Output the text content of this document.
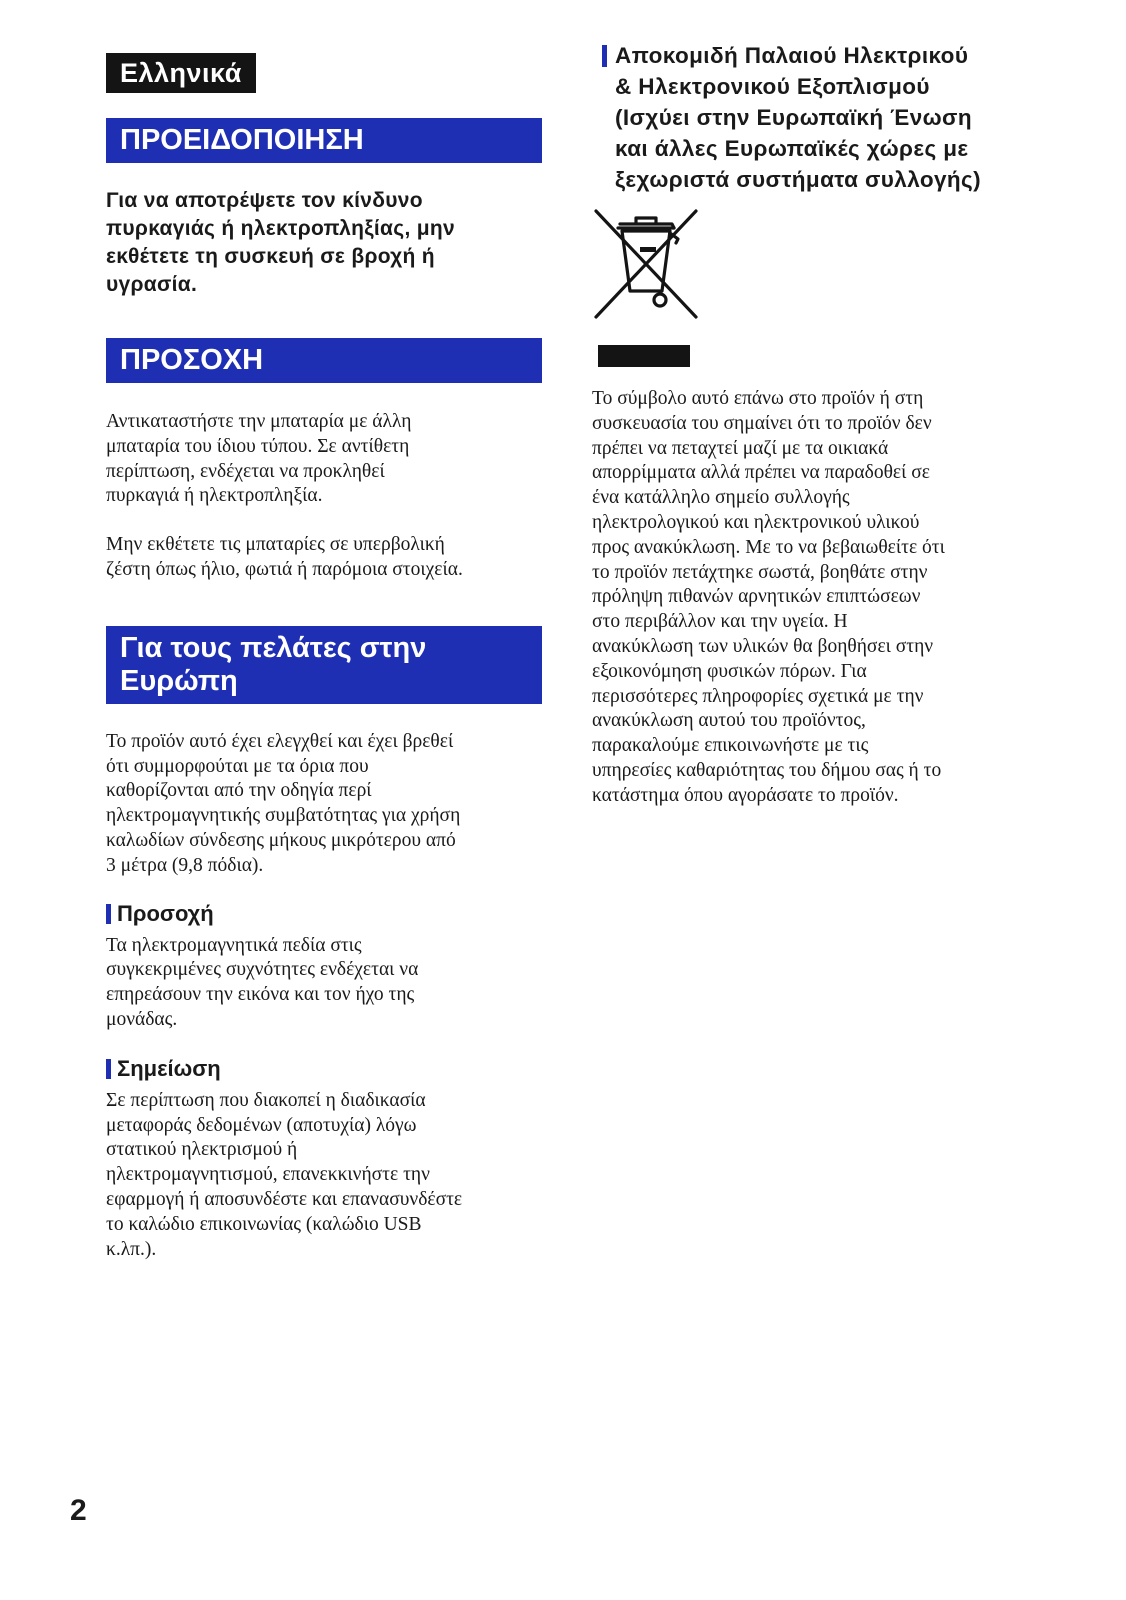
Ελληνικά
ΠΡΟΕΙΔΟΠΟΙΗΣΗ

Για να αποτρέψετε τον κίνδυνο

πυρκαγιάς ή ηλεκτροπληξίας, μην

εκθέτετε τη συσκευή σε βροχή ή

υγρασία.

ΠΡΟΣΟΧΗ

Αντικαταστήστε την μπαταρία με άλλη

μπαταρία του ίδιου τύπου. Σε αντίθετη

περίπτωση, ενδέχεται να προκληθεί

πυρκαγιά ή ηλεκτροπληξία.

Μην εκθέτετε τις μπαταρίες σε υπερβολική

ζέστη όπως ήλιο, φωτιά ή παρόμοια στοιχεία.

Για τους πελάτες στην
Ευρώπη

Το προϊόν αυτό έχει ελεγχθεί και έχει βρεθεί

ότι συμμορφούται με τα όρια που

καθορίζονται από την οδηγία περί

ηλεκτρομαγνητικής συμβατότητας για χρήση

καλωδίων σύνδεσης μήκους μικρότερου από

3 μέτρα (9,8 πόδια).

Προσοχή

Τα ηλεκτρομαγνητικά πεδία στις

συγκεκριμένες συχνότητες ενδέχεται να

επηρεάσουν την εικόνα και τον ήχο της

μονάδας.

Σημείωση

Σε περίπτωση που διακοπεί η διαδικασία

μεταφοράς δεδομένων (αποτυχία) λόγω

στατικού ηλεκτρισμού ή

ηλεκτρομαγνητισμού, επανεκκινήστε την

εφαρμογή ή αποσυνδέστε και επανασυνδέστε

το καλώδιο επικοινωνίας (καλώδιο USB

κ.λπ.).

Αποκομιδή Παλαιού Ηλεκτρικού
& Ηλεκτρονικού Εξοπλισμού
(Ισχύει στην Ευρωπαϊκή Ένωση
και άλλες Ευρωπαϊκές χώρες με
ξεχωριστά συστήματα συλλογής)

Το σύμβολο αυτό επάνω στο προϊόν ή στη

συσκευασία του σημαίνει ότι το προϊόν δεν

πρέπει να πεταχτεί μαζί με τα οικιακά

απορρίμματα αλλά πρέπει να παραδοθεί σε

ένα κατάλληλο σημείο συλλογής

ηλεκτρολογικού και ηλεκτρονικού υλικού

προς ανακύκλωση. Με το να βεβαιωθείτε ότι

το προϊόν πετάχτηκε σωστά, βοηθάτε στην

πρόληψη πιθανών αρνητικών επιπτώσεων

στο περιβάλλον και την υγεία. Η

ανακύκλωση των υλικών θα βοηθήσει στην

εξοικονόμηση φυσικών πόρων. Για

περισσότερες πληροφορίες σχετικά με την

ανακύκλωση αυτού του προϊόντος,

παρακαλούμε επικοινωνήστε με τις

υπηρεσίες καθαριότητας του δήμου σας ή το

κατάστημα όπου αγοράσατε το προϊόν.

2
